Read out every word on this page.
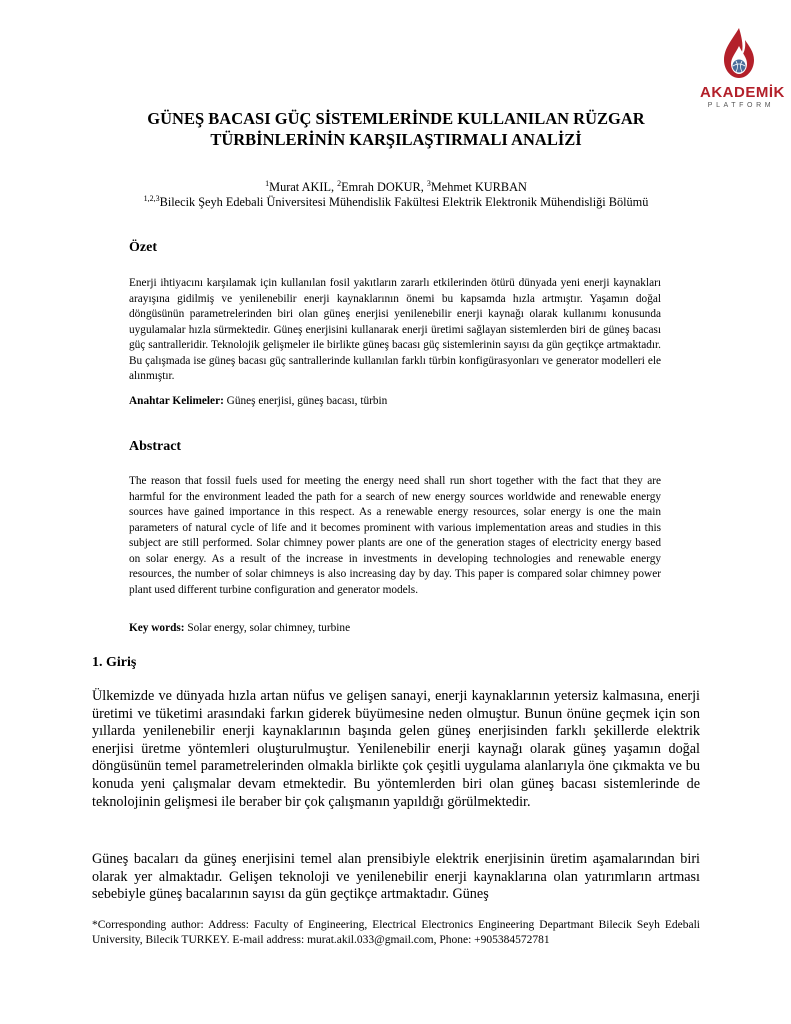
AKADEMİK
PLATFORM
GÜNEŞ BACASI GÜÇ SİSTEMLERİNDE KULLANILAN RÜZGAR
TÜRBİNLERİNİN KARŞILAŞTIRMALI ANALİZİ
$^1$Murat AKIL, $^2$Emrah DOKUR, $^3$Mehmet KURBAN
$^{1,2,3}$Bilecik Şeyh Edebali Üniversitesi Mühendislik Fakültesi Elektrik Elektronik Mühendisliği Bölümü
Özet
Enerji ihtiyacını karşılamak için kullanılan fosil yakıtların zararlı etkilerinden ötürü dünyada yeni enerji kaynakları arayışına gidilmiş ve yenilenebilir enerji kaynaklarının önemi bu kapsamda hızla artmıştır. Yaşamın doğal döngüsünün parametrelerinden biri olan güneş enerjisi yenilenebilir enerji kaynağı olarak kullanımı konusunda uygulamalar hızla sürmektedir. Güneş enerjisini kullanarak enerji üretimi sağlayan sistemlerden biri de güneş bacası güç santralleridir. Teknolojik gelişmeler ile birlikte güneş bacası güç sistemlerinin sayısı da gün geçtikçe artmaktadır. Bu çalışmada ise güneş bacası güç santrallerinde kullanılan farklı türbin konfigürasyonları ve generator modelleri ele alınmıştır.
Anahtar Kelimeler: Güneş enerjisi, güneş bacası, türbin
Abstract
The reason that fossil fuels used for meeting the energy need shall run short together with the fact that they are harmful for the environment leaded the path for a search of new energy sources worldwide and renewable energy sources have gained importance in this respect. As a renewable energy resources, solar energy is one the main parameters of natural cycle of life and it becomes prominent with various implementation areas and studies in this subject are still performed. Solar chimney power plants are one of the generation stages of electricity energy based on solar energy. As a result of the increase in investments in developing technologies and renewable energy resources, the number of solar chimneys is also increasing day by day. This paper is compared solar chimney power plant used different turbine configuration and generator models.
Key words: Solar energy, solar chimney, turbine
1. Giriş
Ülkemizde ve dünyada hızla artan nüfus ve gelişen sanayi, enerji kaynaklarının yetersiz kalmasına, enerji üretimi ve tüketimi arasındaki farkın giderek büyümesine neden olmuştur. Bunun önüne geçmek için son yıllarda yenilenebilir enerji kaynaklarının başında gelen güneş enerjisinden farklı şekillerde elektrik enerjisi üretme yöntemleri oluşturulmuştur. Yenilenebilir enerji kaynağı olarak güneş yaşamın doğal döngüsünün temel parametrelerinden olmakla birlikte çok çeşitli uygulama alanlarıyla öne çıkmakta ve bu konuda yeni çalışmalar devam etmektedir. Bu yöntemlerden biri olan güneş bacası sistemlerinde de teknolojinin gelişmesi ile beraber bir çok çalışmanın yapıldığı görülmektedir.
Güneş bacaları da güneş enerjisini temel alan prensibiyle elektrik enerjisinin üretim aşamalarından biri olarak yer almaktadır. Gelişen teknoloji ve yenilenebilir enerji kaynaklarına olan yatırımların artması sebebiyle güneş bacalarının sayısı da gün geçtikçe artmaktadır. Güneş
*Corresponding author: Address: Faculty of Engineering, Electrical Electronics Engineering Departmant Bilecik Seyh Edebali University, Bilecik TURKEY. E-mail address: murat.akil.033@gmail.com, Phone: +905384572781
